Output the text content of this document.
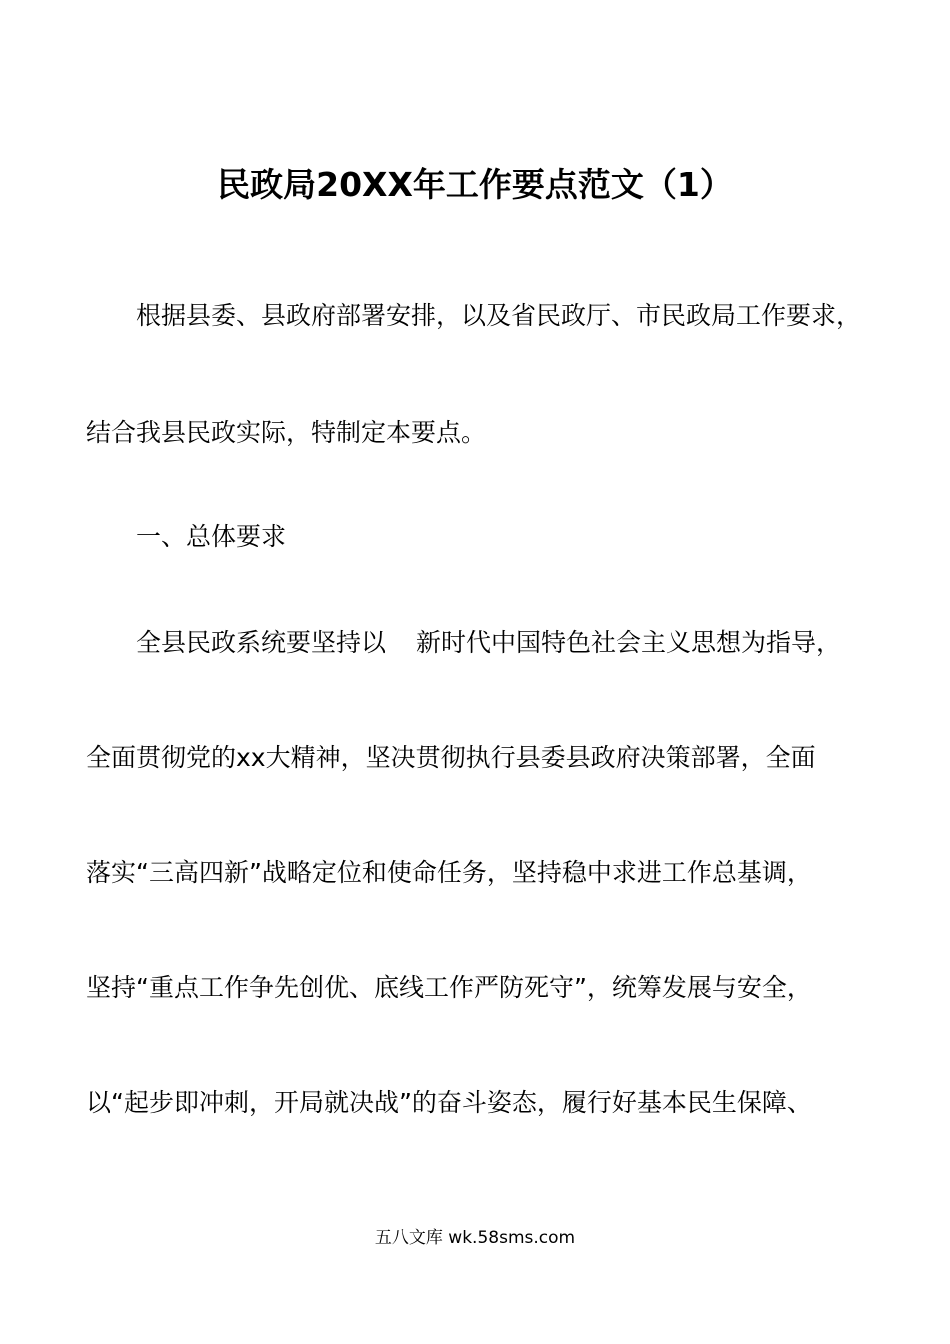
民政局20XX年工作要点范文（1）
根据县委、县政府部署安排，以及省民政厅、市民政局工作要求，
结合我县民政实际，特制定本要点。
一、总体要求
全县民政系统要坚持以 新时代中国特色社会主义思想为指导，
全面贯彻党的xx大精神，坚决贯彻执行县委县政府决策部署，全面
落实“三高四新”战略定位和使命任务，坚持稳中求进工作总基调，
坚持“重点工作争先创优、底线工作严防死守”，统筹发展与安全，
以“起步即冲刺，开局就决战”的奋斗姿态，履行好基本民生保障、
五八文库 wk.58sms.com
